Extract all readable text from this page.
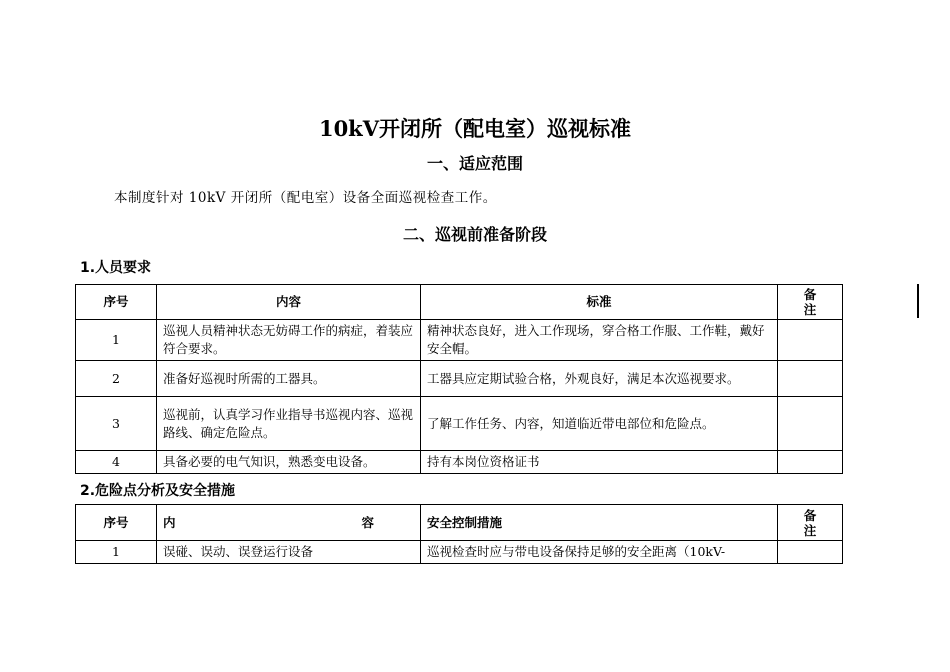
10kV开闭所（配电室）巡视标准
一、适应范围
本制度针对 10kV 开闭所（配电室）设备全面巡视检查工作。
二、巡视前准备阶段
1.人员要求
序号	内容	标准	备
注
1	巡视人员精神状态无妨碍工作的病症，着装应符合要求。	精神状态良好，进入工作现场，穿合格工作服、工作鞋，戴好安全帽。	
2	准备好巡视时所需的工器具。	工器具应定期试验合格，外观良好，满足本次巡视要求。	
3	巡视前，认真学习作业指导书巡视内容、巡视路线、确定危险点。	了解工作任务、内容，知道临近带电部位和危险点。	
4	具备必要的电气知识，熟悉变电设备。	持有本岗位资格证书	
2.危险点分析及安全措施
序号	内 容	安全控制措施	备
注
1	误碰、误动、误登运行设备	巡视检查时应与带电设备保持足够的安全距离（10kV-	
